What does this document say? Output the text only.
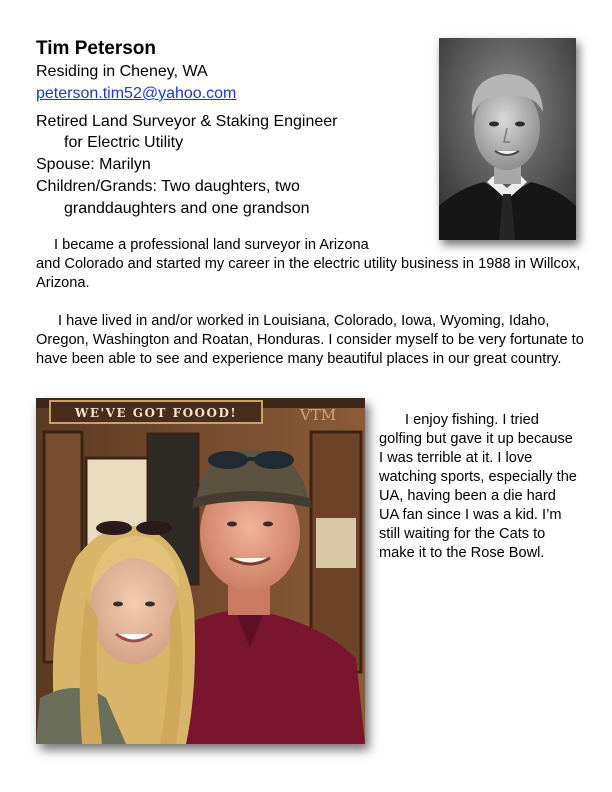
Tim Peterson
Residing in Cheney, WA
peterson.tim52@yahoo.com
Retired Land Surveyor & Staking Engineer
for Electric Utility
Spouse: Marilyn
Children/Grands: Two daughters, two
granddaughters and one grandson
I became a professional land surveyor in Arizona
and Colorado and started my career in the electric utility business in 1988 in Willcox, Arizona.
I have lived in and/or worked in Louisiana, Colorado, Iowa, Wyoming, Idaho, Oregon, Washington and Roatan, Honduras. I consider myself to be very fortunate to have been able to see and experience many beautiful places in our great country.
WE'VE GOT FOOOD!	VTM	I enjoy fishing. I tried golfing but gave it up because I was terrible at it. I love watching sports, especially the UA, having been a die hard UA fan since I was a kid. I’m still waiting for the Cats to make it to the Rose Bowl.
